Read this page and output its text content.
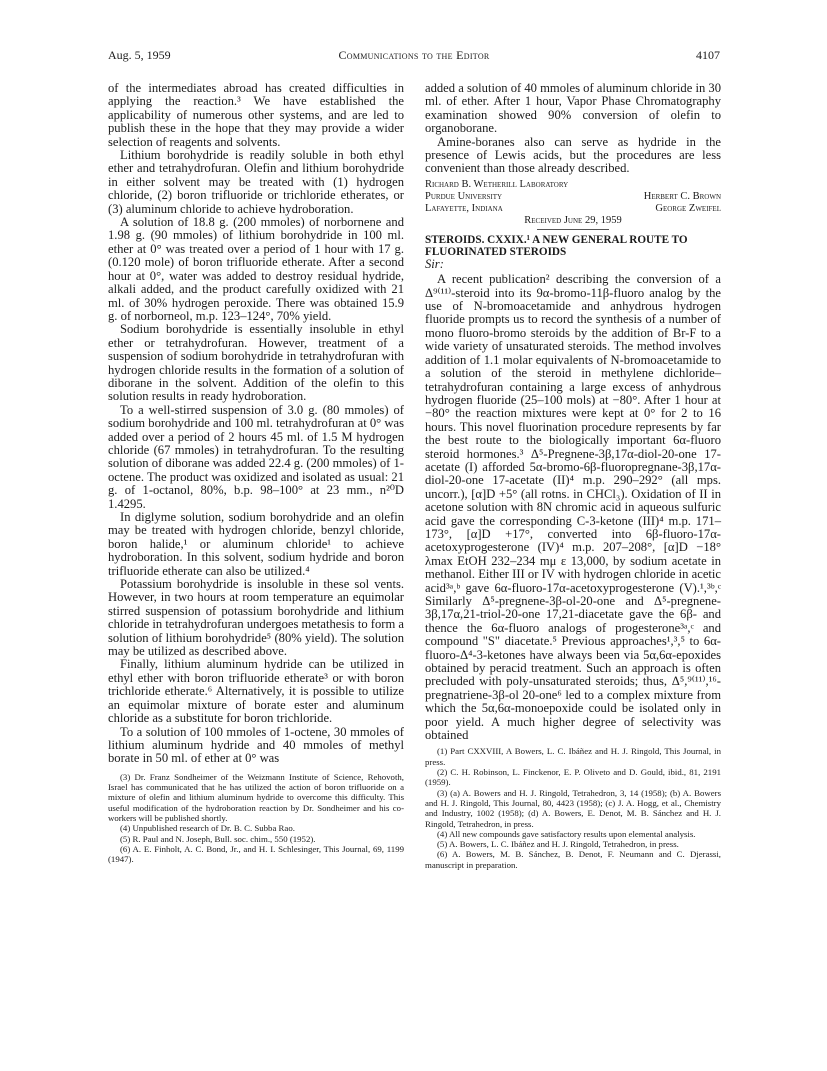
Aug. 5, 1959	Communications to the Editor	4107

of the intermediates abroad has created difficulties in applying the reaction.³ We have established the applicability of numerous other systems, and are led to publish these in the hope that they may provide a wider selection of reagents and solvents.

Lithium borohydride is readily soluble in both ethyl ether and tetrahydrofuran. Olefin and lithium borohydride in either solvent may be treated with (1) hydrogen chloride, (2) boron trifluoride or trichloride etherates, or (3) aluminum chloride to achieve hydroboration.

A solution of 18.8 g. (200 mmoles) of norbornene and 1.98 g. (90 mmoles) of lithium borohydride in 100 ml. ether at 0° was treated over a period of 1 hour with 17 g. (0.120 mole) of boron trifluoride etherate. After a second hour at 0°, water was added to destroy residual hydride, alkali added, and the product carefully oxidized with 21 ml. of 30% hydrogen peroxide. There was obtained 15.9 g. of norborneol, m.p. 123–124°, 70% yield.

Sodium borohydride is essentially insoluble in ethyl ether or tetrahydrofuran. However, treatment of a suspension of sodium borohydride in tetrahydrofuran with hydrogen chloride results in the formation of a solution of diborane in the solvent. Addition of the olefin to this solution results in ready hydroboration.

To a well-stirred suspension of 3.0 g. (80 mmoles) of sodium borohydride and 100 ml. tetrahydrofuran at 0° was added over a period of 2 hours 45 ml. of 1.5 M hydrogen chloride (67 mmoles) in tetrahydrofuran. To the resulting solution of diborane was added 22.4 g. (200 mmoles) of 1-octene. The product was oxidized and isolated as usual: 21 g. of 1-octanol, 80%, b.p. 98–100° at 23 mm., n²⁰D 1.4295.

In diglyme solution, sodium borohydride and an olefin may be treated with hydrogen chloride, benzyl chloride, boron halide,¹ or aluminum chloride¹ to achieve hydroboration. In this solvent, sodium hydride and boron trifluoride etherate can also be utilized.⁴

Potassium borohydride is insoluble in these sol vents. However, in two hours at room temperature an equimolar stirred suspension of potassium borohydride and lithium chloride in tetrahydrofuran undergoes metathesis to form a solution of lithium borohydride⁵ (80% yield). The solution may be utilized as described above.

Finally, lithium aluminum hydride can be utilized in ethyl ether with boron trifluoride etherate³ or with boron trichloride etherate.⁶ Alternatively, it is possible to utilize an equimolar mixture of borate ester and aluminum chloride as a substitute for boron trichloride.

To a solution of 100 mmoles of 1-octene, 30 mmoles of lithium aluminum hydride and 40 mmoles of methyl borate in 50 ml. of ether at 0° was

(3) Dr. Franz Sondheimer of the Weizmann Institute of Science, Rehovoth, Israel has communicated that he has utilized the action of boron trifluoride on a mixture of olefin and lithium aluminum hydride to overcome this difficulty. This useful modification of the hydroboration reaction by Dr. Sondheimer and his co-workers will be published shortly.

(4) Unpublished research of Dr. B. C. Subba Rao.

(5) R. Paul and N. Joseph, Bull. soc. chim., 550 (1952).

(6) A. E. Finholt, A. C. Bond, Jr., and H. I. Schlesinger, This Journal, 69, 1199 (1947).

added a solution of 40 mmoles of aluminum chloride in 30 ml. of ether. After 1 hour, Vapor Phase Chromatography examination showed 90% conversion of olefin to organoborane.

Amine-boranes also can serve as hydride in the presence of Lewis acids, but the procedures are less convenient than those already described.

Richard B. Wetherill Laboratory
Purdue University	Herbert C. Brown
Lafayette, Indiana	George Zweifel
Received June 29, 1959
STEROIDS. CXXIX.¹ A NEW GENERAL ROUTE TO FLUORINATED STEROIDS

Sir:

A recent publication² describing the conversion of a Δ⁹⁽¹¹⁾-steroid into its 9α-bromo-11β-fluoro analog by the use of N-bromoacetamide and anhydrous hydrogen fluoride prompts us to record the synthesis of a number of mono fluoro-bromo steroids by the addition of Br-F to a wide variety of unsaturated steroids. The method involves addition of 1.1 molar equivalents of N-bromoacetamide to a solution of the steroid in methylene dichloride–tetrahydrofuran containing a large excess of anhydrous hydrogen fluoride (25–100 mols) at −80°. After 1 hour at −80° the reaction mixtures were kept at 0° for 2 to 16 hours. This novel fluorination procedure represents by far the best route to the biologically important 6α-fluoro steroid hormones.³ Δ⁵-Pregnene-3β,17α-diol-20-one 17-acetate (I) afforded 5α-bromo-6β-fluoropregnane-3β,17α-diol-20-one 17-acetate (II)⁴ m.p. 290–292° (all mps. uncorr.), [α]D +5° (all rotns. in CHCl₃). Oxidation of II in acetone solution with 8N chromic acid in aqueous sulfuric acid gave the corresponding C-3-ketone (III)⁴ m.p. 171–173°, [α]D +17°, converted into 6β-fluoro-17α-acetoxyprogesterone (IV)⁴ m.p. 207–208°, [α]D −18° λmax EtOH 232–234 mμ ε 13,000, by sodium acetate in methanol. Either III or IV with hydrogen chloride in acetic acid³ᵃ,ᵇ gave 6α-fluoro-17α-acetoxyprogesterone (V).¹,³ᵇ,ᶜ Similarly Δ⁵-pregnene-3β-ol-20-one and Δ⁵-pregnene-3β,17α,21-triol-20-one 17,21-diacetate gave the 6β- and thence the 6α-fluoro analogs of progesterone³ᵃ,ᶜ and compound "S" diacetate.⁵ Previous approaches¹,³,⁵ to 6α-fluoro-Δ⁴-3-ketones have always been via 5α,6α-epoxides obtained by peracid treatment. Such an approach is often precluded with poly-unsaturated steroids; thus, Δ⁵,⁹⁽¹¹⁾,¹⁶-pregnatriene-3β-ol 20-one⁶ led to a complex mixture from which the 5α,6α-monoepoxide could be isolated only in poor yield. A much higher degree of selectivity was obtained

(1) Part CXXVIII, A Bowers, L. C. Ibáñez and H. J. Ringold, This Journal, in press.

(2) C. H. Robinson, L. Finckenor, E. P. Oliveto and D. Gould, ibid., 81, 2191 (1959).

(3) (a) A. Bowers and H. J. Ringold, Tetrahedron, 3, 14 (1958); (b) A. Bowers and H. J. Ringold, This Journal, 80, 4423 (1958); (c) J. A. Hogg, et al., Chemistry and Industry, 1002 (1958); (d) A. Bowers, E. Denot, M. B. Sánchez and H. J. Ringold, Tetrahedron, in press.

(4) All new compounds gave satisfactory results upon elemental analysis.

(5) A. Bowers, L. C. Ibáñez and H. J. Ringold, Tetrahedron, in press.

(6) A. Bowers, M. B. Sánchez, B. Denot, F. Neumann and C. Djerassi, manuscript in preparation.
